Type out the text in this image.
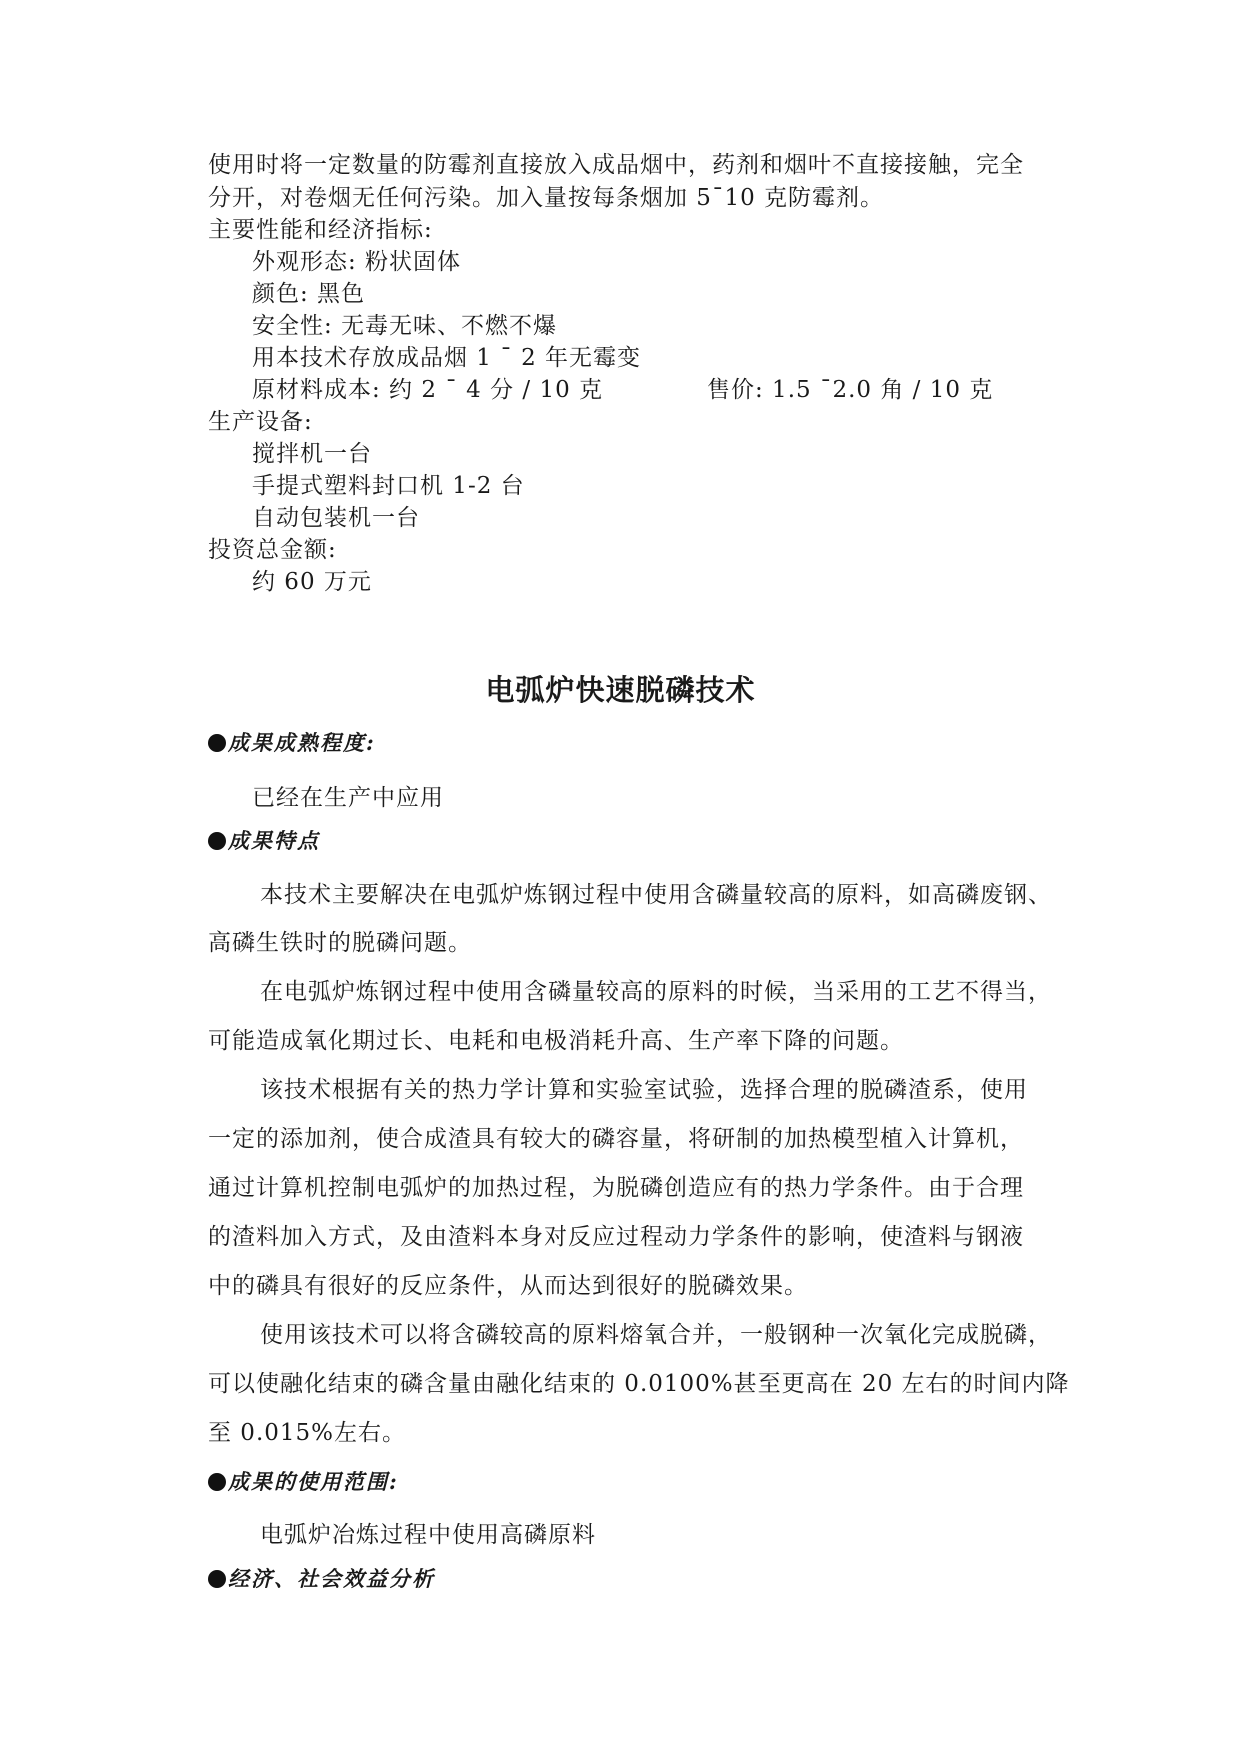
使用时将一定数量的防霉剂直接放入成品烟中，药剂和烟叶不直接接触，完全
分开，对卷烟无任何污染。加入量按每条烟加 5¯10 克防霉剂。
主要性能和经济指标:
外观形态: 粉状固体
颜色: 黑色
安全性: 无毒无味、不燃不爆
用本技术存放成品烟 1 ¯ 2 年无霉变
原材料成本: 约 2 ¯ 4 分 / 10 克	售价: 1.5 ¯2.0 角 / 10 克
生产设备:
搅拌机一台
手提式塑料封口机 1-2 台
自动包装机一台
投资总金额:
约 60 万元
电弧炉快速脱磷技术
成果成熟程度:
已经在生产中应用
成果特点
本技术主要解决在电弧炉炼钢过程中使用含磷量较高的原料，如高磷废钢、
高磷生铁时的脱磷问题。
在电弧炉炼钢过程中使用含磷量较高的原料的时候，当采用的工艺不得当，
可能造成氧化期过长、电耗和电极消耗升高、生产率下降的问题。
该技术根据有关的热力学计算和实验室试验，选择合理的脱磷渣系，使用
一定的添加剂，使合成渣具有较大的磷容量，将研制的加热模型植入计算机，
通过计算机控制电弧炉的加热过程，为脱磷创造应有的热力学条件。由于合理
的渣料加入方式，及由渣料本身对反应过程动力学条件的影响，使渣料与钢液
中的磷具有很好的反应条件，从而达到很好的脱磷效果。
使用该技术可以将含磷较高的原料熔氧合并，一般钢种一次氧化完成脱磷，
可以使融化结束的磷含量由融化结束的 0.0100%甚至更高在 20 左右的时间内降
至 0.015%左右。
成果的使用范围:
电弧炉冶炼过程中使用高磷原料
经济、社会效益分析
